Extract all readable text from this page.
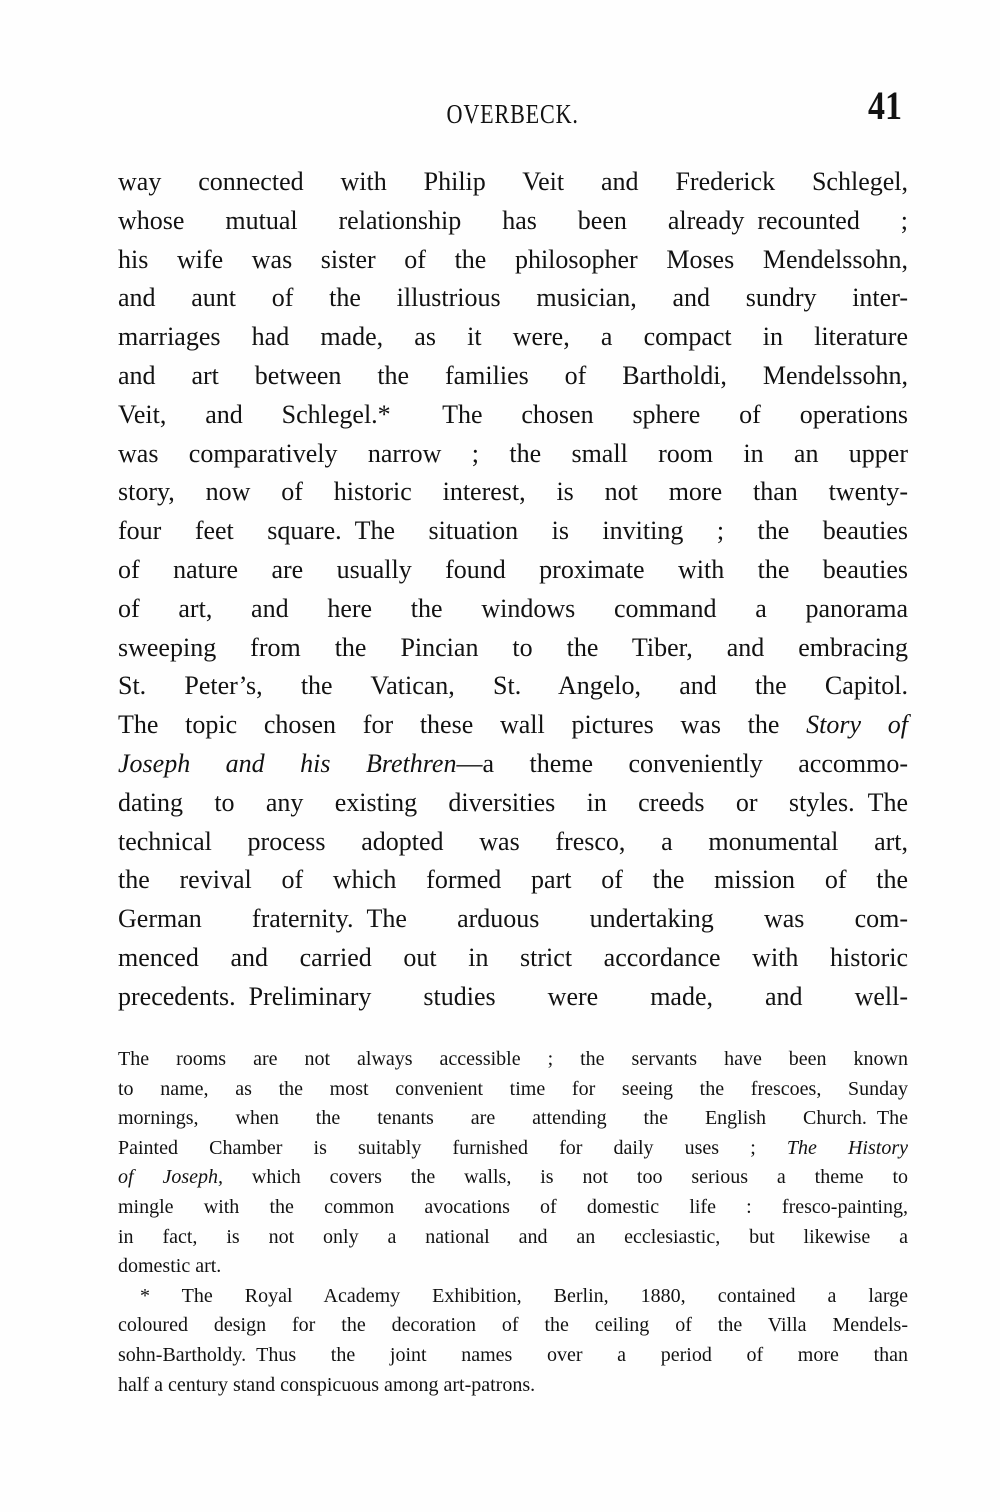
OVERBECK.	41
way connected with Philip Veit and Frederick Schlegel,
whose mutual relationship has been already recounted ;
his wife was sister of the philosopher Moses Mendelssohn,
and aunt of the illustrious musician, and sundry inter-
marriages had made, as it were, a compact in literature
and art between the families of Bartholdi, Mendelssohn,
Veit, and Schlegel.*  The chosen sphere of operations
was comparatively narrow ; the small room in an upper
story, now of historic interest, is not more than twenty-
four feet square. The situation is inviting ; the beauties
of nature are usually found proximate with the beauties
of art, and here the windows command a panorama
sweeping from the Pincian to the Tiber, and embracing
St. Peter’s, the Vatican, St. Angelo, and the Capitol.
The topic chosen for these wall pictures was the Story of
Joseph and his Brethren—a theme conveniently accommo-
dating to any existing diversities in creeds or styles. The
technical process adopted was fresco, a monumental art,
the revival of which formed part of the mission of the
German fraternity. The arduous undertaking was com-
menced and carried out in strict accordance with historic
precedents. Preliminary studies were made, and well-
The rooms are not always accessible ; the servants have been known
to name, as the most convenient time for seeing the frescoes, Sunday
mornings, when the tenants are attending the English Church. The
Painted Chamber is suitably furnished for daily uses ; The History
of Joseph, which covers the walls, is not too serious a theme to
mingle with the common avocations of domestic life : fresco-painting,
in fact, is not only a national and an ecclesiastic, but likewise a
domestic art.
* The Royal Academy Exhibition, Berlin, 1880, contained a large
coloured design for the decoration of the ceiling of the Villa Mendels-
sohn-Bartholdy. Thus the joint names over a period of more than
half a century stand conspicuous among art-patrons.
